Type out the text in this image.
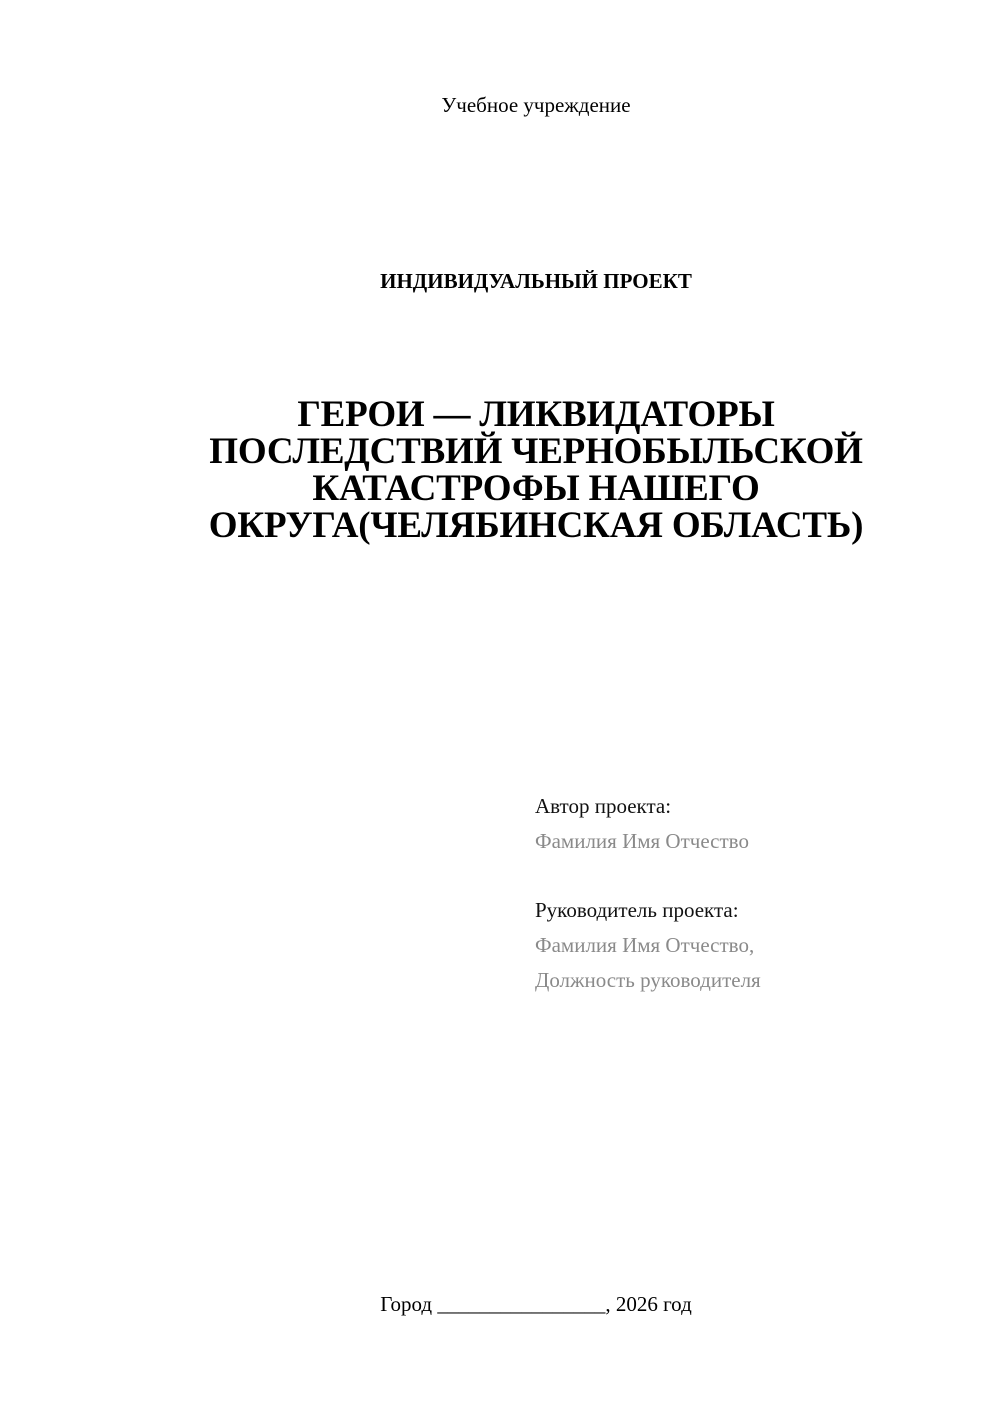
Учебное учреждение
ИНДИВИДУАЛЬНЫЙ ПРОЕКТ
ГЕРОИ — ЛИКВИДАТОРЫ
ПОСЛЕДСТВИЙ ЧЕРНОБЫЛЬСКОЙ
КАТАСТРОФЫ НАШЕГО
ОКРУГА(ЧЕЛЯБИНСКАЯ ОБЛАСТЬ)
Автор проекта:
Фамилия Имя Отчество
Руководитель проекта:
Фамилия Имя Отчество,
Должность руководителя
Город ________________, 2026 год
